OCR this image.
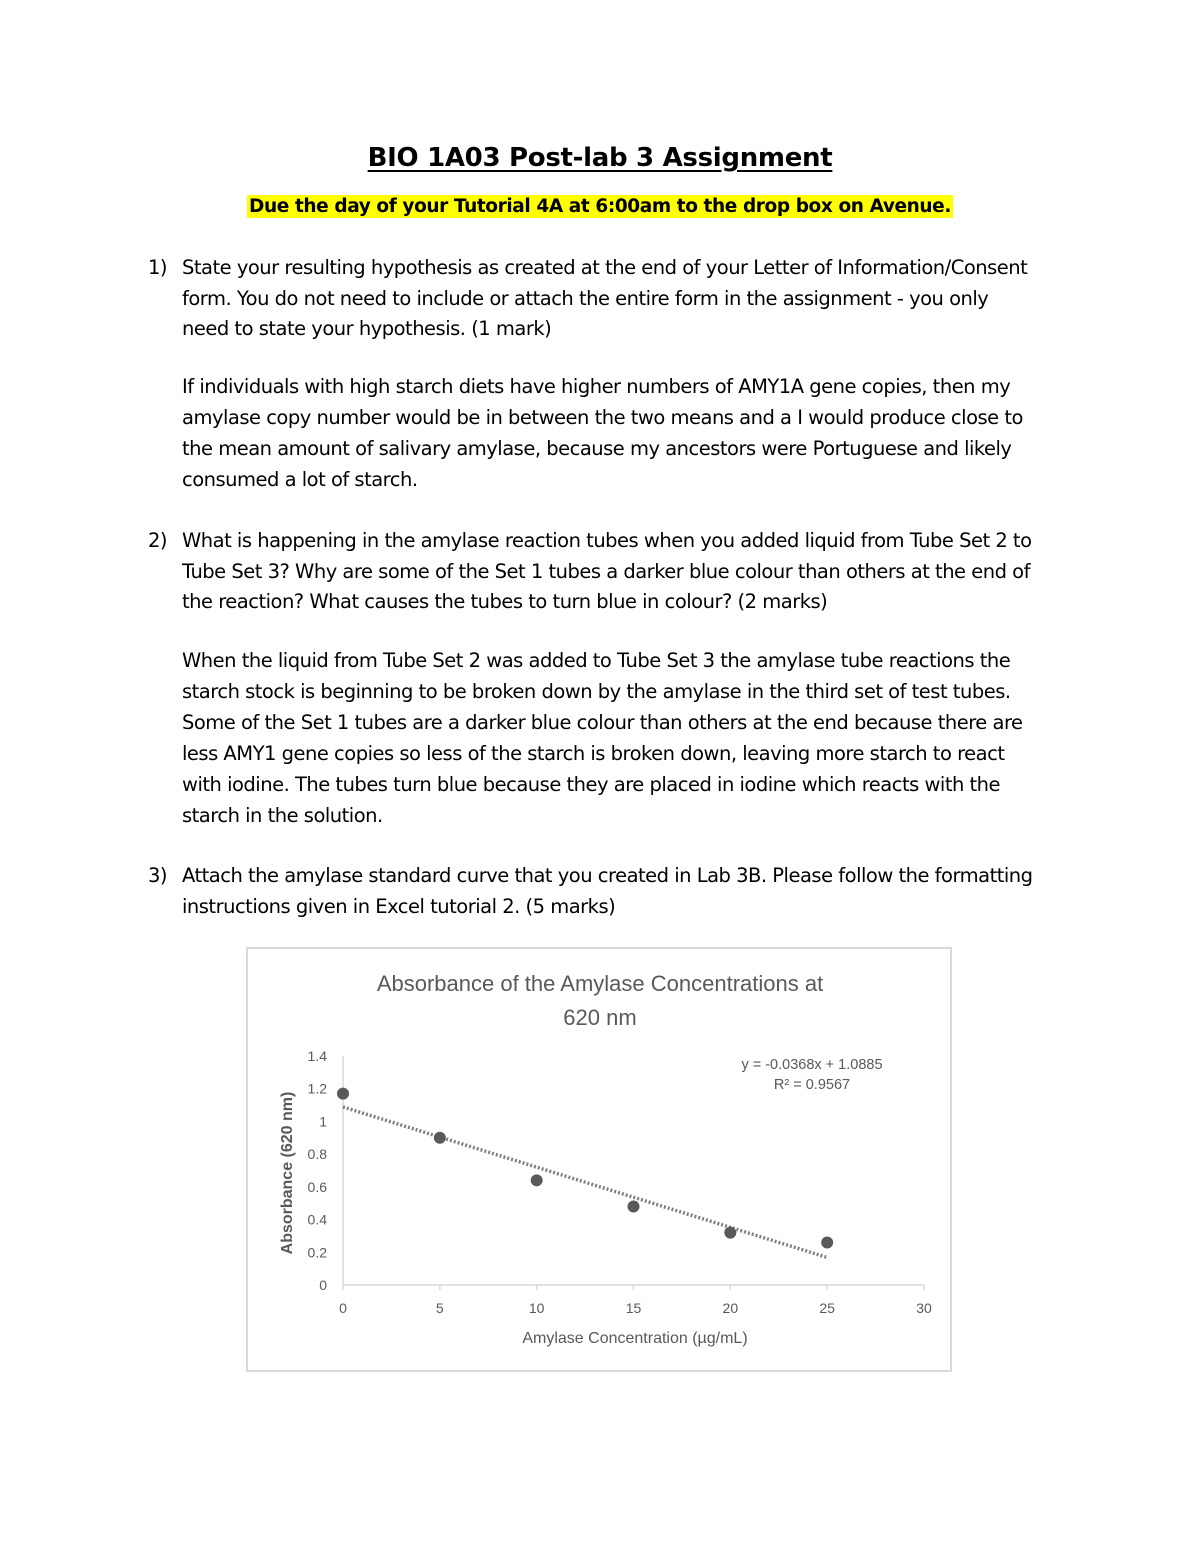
BIO 1A03 Post-lab 3 Assignment
Due the day of your Tutorial 4A at 6:00am to the drop box on Avenue.
1) State your resulting hypothesis as created at the end of your Letter of Information/Consent
form. You do not need to include or attach the entire form in the assignment - you only
need to state your hypothesis. (1 mark)
If individuals with high starch diets have higher numbers of AMY1A gene copies, then my
amylase copy number would be in between the two means and a I would produce close to
the mean amount of salivary amylase, because my ancestors were Portuguese and likely
consumed a lot of starch.
2) What is happening in the amylase reaction tubes when you added liquid from Tube Set 2 to
Tube Set 3? Why are some of the Set 1 tubes a darker blue colour than others at the end of
the reaction? What causes the tubes to turn blue in colour? (2 marks)
When the liquid from Tube Set 2 was added to Tube Set 3 the amylase tube reactions the
starch stock is beginning to be broken down by the amylase in the third set of test tubes.
Some of the Set 1 tubes are a darker blue colour than others at the end because there are
less AMY1 gene copies so less of the starch is broken down, leaving more starch to react
with iodine. The tubes turn blue because they are placed in iodine which reacts with the
starch in the solution.
3) Attach the amylase standard curve that you created in Lab 3B. Please follow the formatting
instructions given in Excel tutorial 2. (5 marks)
Absorbance of the Amylase Concentrations at
620 nm
0
0.2
0.4
0.6
0.8
1
1.2
1.4
0	5	10	15	20	25	30
y = -0.0368x + 1.0885
R² = 0.9567
Amylase Concentration (µg/mL)
Absorbance (620 nm)
